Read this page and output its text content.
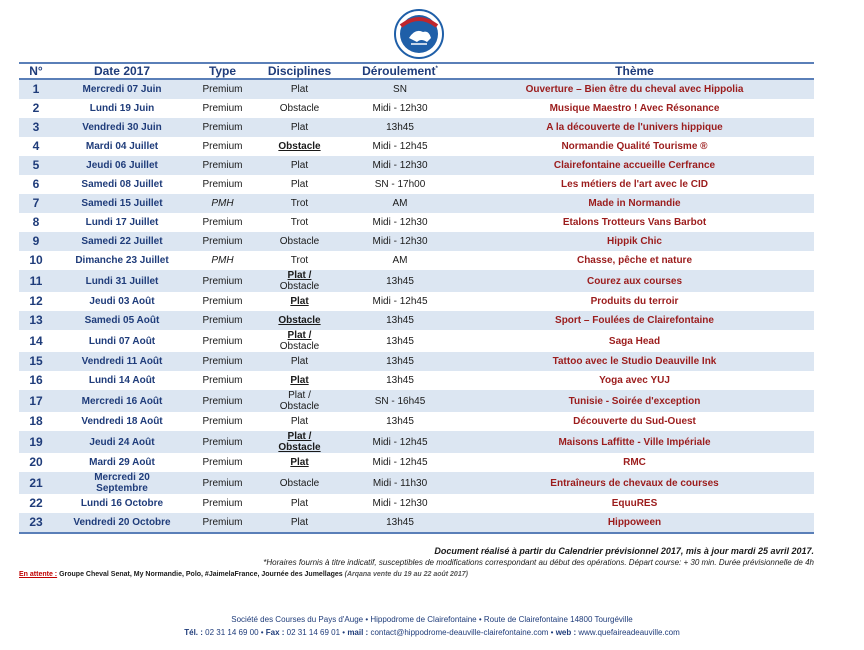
N°	Date 2017	Type	Disciplines	Déroulement*	Thème
1	Mercredi 07 Juin	Premium	Plat	SN	Ouverture – Bien être du cheval avec Hippolia
2	Lundi 19 Juin	Premium	Obstacle	Midi - 12h30	Musique Maestro ! Avec Résonance
3	Vendredi 30 Juin	Premium	Plat	13h45	A la découverte de l'univers hippique
4	Mardi 04 Juillet	Premium	Obstacle	Midi - 12h45	Normandie Qualité Tourisme ®
5	Jeudi 06 Juillet	Premium	Plat	Midi - 12h30	Clairefontaine accueille Cerfrance
6	Samedi 08 Juillet	Premium	Plat	SN - 17h00	Les métiers de l'art avec le CID
7	Samedi 15 Juillet	PMH	Trot	AM	Made in Normandie
8	Lundi 17 Juillet	Premium	Trot	Midi - 12h30	Etalons Trotteurs Vans Barbot
9	Samedi 22 Juillet	Premium	Obstacle	Midi - 12h30	Hippik Chic
10	Dimanche 23 Juillet	PMH	Trot	AM	Chasse, pêche et nature
11	Lundi 31 Juillet	Premium	Plat /
Obstacle	13h45	Courez aux courses
12	Jeudi 03 Août	Premium	Plat	Midi - 12h45	Produits du terroir
13	Samedi 05 Août	Premium	Obstacle	13h45	Sport – Foulées de Clairefontaine
14	Lundi 07 Août	Premium	Plat /
Obstacle	13h45	Saga Head
15	Vendredi 11 Août	Premium	Plat	13h45	Tattoo avec le Studio Deauville Ink
16	Lundi 14 Août	Premium	Plat	13h45	Yoga avec YUJ
17	Mercredi 16 Août	Premium	Plat /
Obstacle	SN - 16h45	Tunisie - Soirée d'exception
18	Vendredi 18 Août	Premium	Plat	13h45	Découverte du Sud-Ouest
19	Jeudi 24 Août	Premium	Plat /
Obstacle	Midi - 12h45	Maisons Laffitte - Ville Impériale
20	Mardi 29 Août	Premium	Plat	Midi - 12h45	RMC
21	Mercredi 20
Septembre	Premium	Obstacle	Midi - 11h30	Entraîneurs de chevaux de courses
22	Lundi 16 Octobre	Premium	Plat	Midi - 12h30	EquuRES
23	Vendredi 20 Octobre	Premium	Plat	13h45	Hippoween
Document réalisé à partir du Calendrier prévisionnel 2017, mis à jour mardi 25 avril 2017.
*Horaires fournis à titre indicatif, susceptibles de modifications correspondant au début des opérations. Départ course: + 30 min. Durée prévisionnelle de 4h
En attente : Groupe Cheval Senat, My Normandie, Polo, #JaimelaFrance, Journée des Jumellages (Arqana vente du 19 au 22 août 2017)
Société des Courses du Pays d'Auge • Hippodrome de Clairefontaine • Route de Clairefontaine 14800 Tourgéville
Tél. : 02 31 14 69 00 • Fax : 02 31 14 69 01 • mail : contact@hippodrome-deauville-clairefontaine.com • web : www.quefaireadeauville.com
